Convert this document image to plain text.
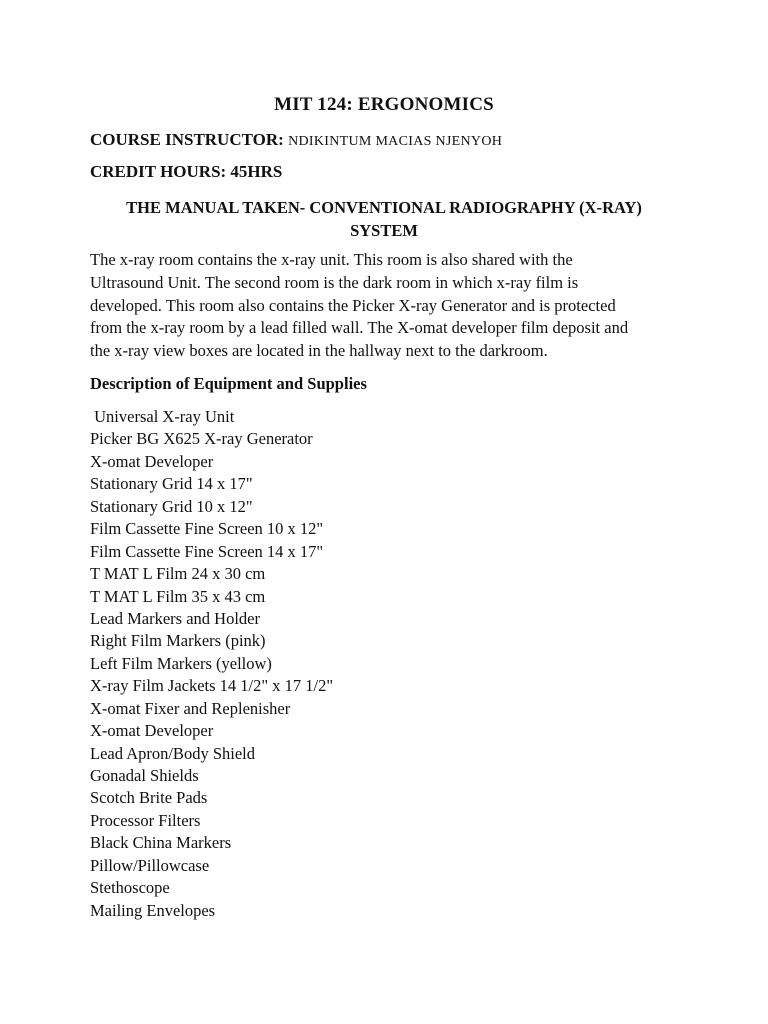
MIT 124: ERGONOMICS
COURSE INSTRUCTOR: NDIKINTUM MACIAS NJENYOH
CREDIT HOURS: 45HRS
THE MANUAL TAKEN- CONVENTIONAL RADIOGRAPHY (X-RAY)
SYSTEM
The x-ray room contains the x-ray unit. This room is also shared with the
Ultrasound Unit. The second room is the dark room in which x-ray film is
developed. This room also contains the Picker X-ray Generator and is protected
from the x-ray room by a lead filled wall. The X-omat developer film deposit and
the x-ray view boxes are located in the hallway next to the darkroom.
Description of Equipment and Supplies
Universal X-ray Unit
Picker BG X625 X-ray Generator
X-omat Developer
Stationary Grid 14 x 17"
Stationary Grid 10 x 12"
Film Cassette Fine Screen 10 x 12"
Film Cassette Fine Screen 14 x 17"
T MAT L Film 24 x 30 cm
T MAT L Film 35 x 43 cm
Lead Markers and Holder
Right Film Markers (pink)
Left Film Markers (yellow)
X-ray Film Jackets 14 1/2" x 17 1/2"
X-omat Fixer and Replenisher
X-omat Developer
Lead Apron/Body Shield
Gonadal Shields
Scotch Brite Pads
Processor Filters
Black China Markers
Pillow/Pillowcase
Stethoscope
Mailing Envelopes
